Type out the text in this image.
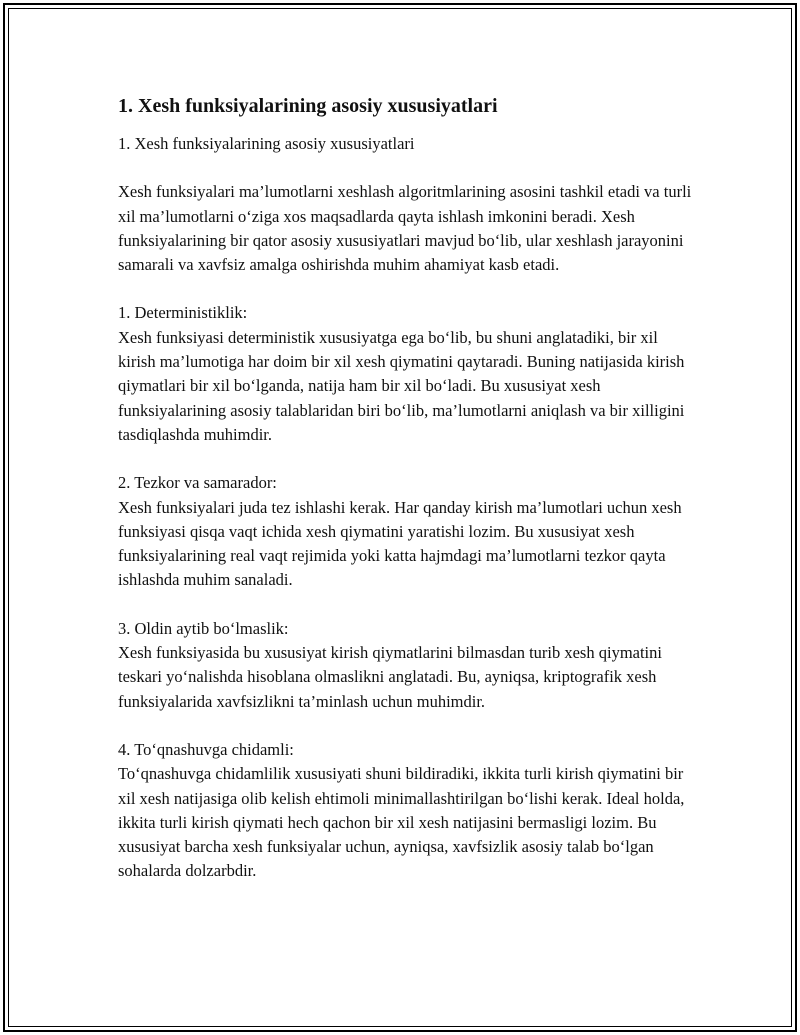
1. Xesh funksiyalarining asosiy xususiyatlari

1. Xesh funksiyalarining asosiy xususiyatlari

Xesh funksiyalari ma’lumotlarni xeshlash algoritmlarining asosini tashkil etadi va turli xil ma’lumotlarni o‘ziga xos maqsadlarda qayta ishlash imkonini beradi. Xesh funksiyalarining bir qator asosiy xususiyatlari mavjud bo‘lib, ular xeshlash jarayonini samarali va xavfsiz amalga oshirishda muhim ahamiyat kasb etadi.

1. Deterministiklik:
Xesh funksiyasi deterministik xususiyatga ega bo‘lib, bu shuni anglatadiki, bir xil kirish ma’lumotiga har doim bir xil xesh qiymatini qaytaradi. Buning natijasida kirish qiymatlari bir xil bo‘lganda, natija ham bir xil bo‘ladi. Bu xususiyat xesh funksiyalarining asosiy talablaridan biri bo‘lib, ma’lumotlarni aniqlash va bir xilligini tasdiqlashda muhimdir.

2. Tezkor va samarador:
Xesh funksiyalari juda tez ishlashi kerak. Har qanday kirish ma’lumotlari uchun xesh funksiyasi qisqa vaqt ichida xesh qiymatini yaratishi lozim. Bu xususiyat xesh funksiyalarining real vaqt rejimida yoki katta hajmdagi ma’lumotlarni tezkor qayta ishlashda muhim sanaladi.

3. Oldin aytib bo‘lmaslik:
Xesh funksiyasida bu xususiyat kirish qiymatlarini bilmasdan turib xesh qiymatini teskari yo‘nalishda hisoblana olmaslikni anglatadi. Bu, ayniqsa, kriptografik xesh funksiyalarida xavfsizlikni ta’minlash uchun muhimdir.

4. To‘qnashuvga chidamli:
To‘qnashuvga chidamlilik xususiyati shuni bildiradiki, ikkita turli kirish qiymatini bir xil xesh natijasiga olib kelish ehtimoli minimallashtirilgan bo‘lishi kerak. Ideal holda, ikkita turli kirish qiymati hech qachon bir xil xesh natijasini bermasligi lozim. Bu xususiyat barcha xesh funksiyalar uchun, ayniqsa, xavfsizlik asosiy talab bo‘lgan sohalarda dolzarbdir.
